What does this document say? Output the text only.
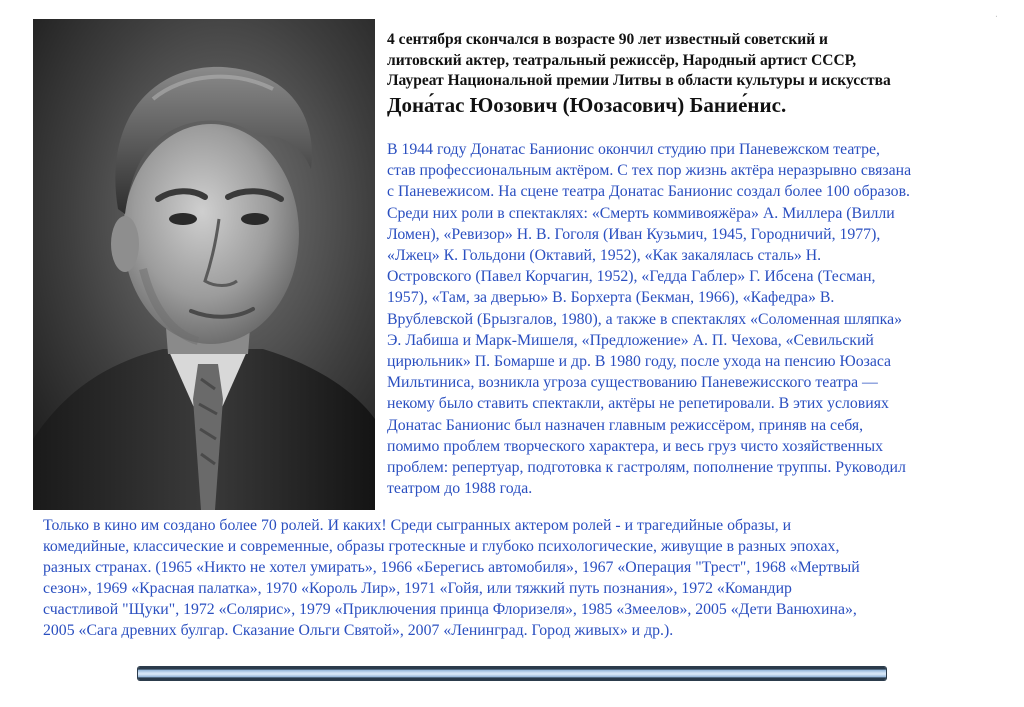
·
4 сентября скончался в возрасте 90 лет известный советский и
литовский актер, театральный режиссёр, Народный артист СССР,
Лауреат Национальной премии Литвы в области культуры и искусства
Дона́тас Юозович (Юозасович) Бание́нис.
В 1944 году Донатас Банионис окончил студию при Паневежском театре,
став профессиональным актёром. С тех пор жизнь актёра неразрывно связана
с Паневежисом. На сцене театра Донатас Банионис создал более 100 образов.
Среди них роли в спектаклях: «Смерть коммивояжёра» А. Миллера (Вилли
Ломен), «Ревизор» Н. В. Гоголя (Иван Кузьмич, 1945, Городничий, 1977),
«Лжец» К. Гольдони (Октавий, 1952), «Как закалялась сталь» Н.
Островского (Павел Корчагин, 1952), «Гедда Габлер» Г. Ибсена (Тесман,
1957), «Там, за дверью» В. Борхерта (Бекман, 1966), «Кафедра» В.
Врублевской (Брызгалов, 1980), а также в спектаклях «Соломенная шляпка»
Э. Лабиша и Марк-Мишеля, «Предложение» А. П. Чехова, «Севильский
цирюльник» П. Бомарше и др. В 1980 году, после ухода на пенсию Юозаса
Мильтиниса, возникла угроза существованию Паневежисского театра —
некому было ставить спектакли, актёры не репетировали. В этих условиях
Донатас Банионис был назначен главным режиссёром, приняв на себя,
помимо проблем творческого характера, и весь груз чисто хозяйственных
проблем: репертуар, подготовка к гастролям, пополнение труппы. Руководил
театром до 1988 года.
Только в кино им создано более 70 ролей. И каких! Среди сыгранных актером ролей - и трагедийные образы, и
комедийные, классические и современные, образы гротескные и глубоко психологические, живущие в разных эпохах,
разных странах. (1965 «Никто не хотел умирать», 1966 «Берегись автомобиля», 1967 «Операция "Трест", 1968 «Мертвый
сезон», 1969 «Красная палатка», 1970 «Король Лир», 1971 «Гойя, или тяжкий путь познания», 1972 «Командир
счастливой "Щуки", 1972 «Солярис», 1979 «Приключения принца Флоризеля», 1985 «Змеелов», 2005 «Дети Ванюхина»,
2005 «Сага древних булгар. Сказание Ольги Святой», 2007 «Ленинград. Город живых» и др.).
